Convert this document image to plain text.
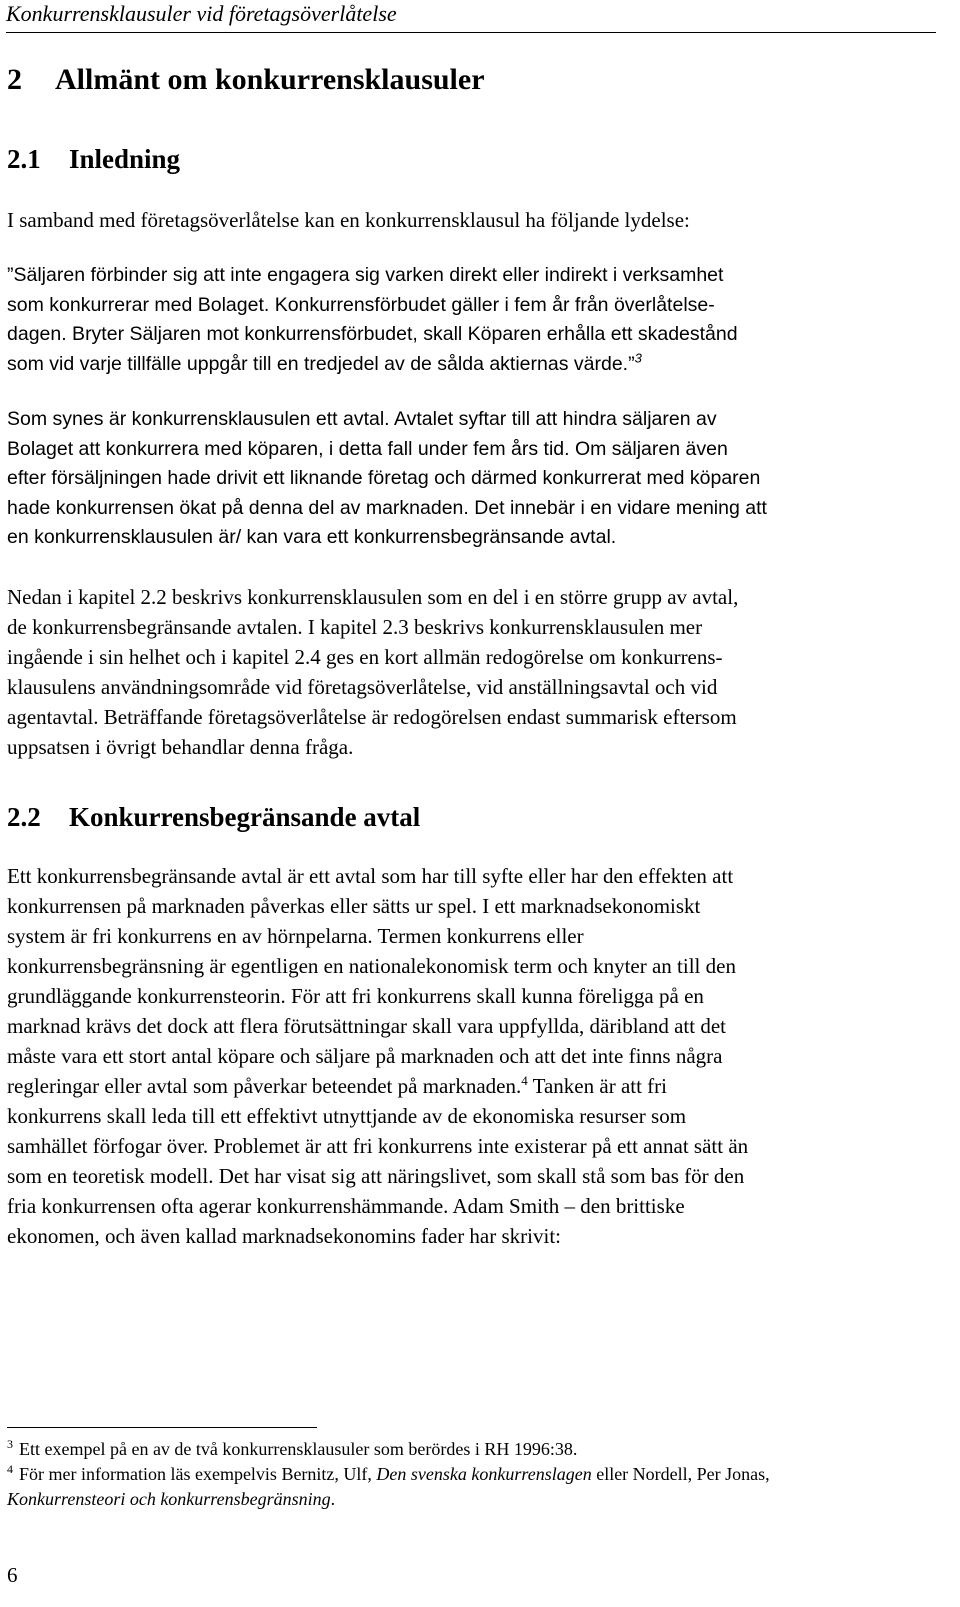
Konkurrensklausuler vid företagsöverlåtelse
2 Allmänt om konkurrensklausuler
2.1 Inledning
I samband med företagsöverlåtelse kan en konkurrensklausul ha följande lydelse:
”Säljaren förbinder sig att inte engagera sig varken direkt eller indirekt i verksamhet
som konkurrerar med Bolaget. Konkurrensförbudet gäller i fem år från överlåtelse-
dagen. Bryter Säljaren mot konkurrensförbudet, skall Köparen erhålla ett skadestånd
som vid varje tillfälle uppgår till en tredjedel av de sålda aktiernas värde.”$^3$
Som synes är konkurrensklausulen ett avtal. Avtalet syftar till att hindra säljaren av
Bolaget att konkurrera med köparen, i detta fall under fem års tid. Om säljaren även
efter försäljningen hade drivit ett liknande företag och därmed konkurrerat med köparen
hade konkurrensen ökat på denna del av marknaden. Det innebär i en vidare mening att
en konkurrensklausulen är/ kan vara ett konkurrensbegränsande avtal.
Nedan i kapitel 2.2 beskrivs konkurrensklausulen som en del i en större grupp av avtal,
de konkurrensbegränsande avtalen. I kapitel 2.3 beskrivs konkurrensklausulen mer
ingående i sin helhet och i kapitel 2.4 ges en kort allmän redogörelse om konkurrens-
klausulens användningsområde vid företagsöverlåtelse, vid anställningsavtal och vid
agentavtal. Beträffande företagsöverlåtelse är redogörelsen endast summarisk eftersom
uppsatsen i övrigt behandlar denna fråga.
2.2 Konkurrensbegränsande avtal
Ett konkurrensbegränsande avtal är ett avtal som har till syfte eller har den effekten att
konkurrensen på marknaden påverkas eller sätts ur spel. I ett marknadsekonomiskt
system är fri konkurrens en av hörnpelarna. Termen konkurrens eller
konkurrensbegränsning är egentligen en nationalekonomisk term och knyter an till den
grundläggande konkurrensteorin. För att fri konkurrens skall kunna föreligga på en
marknad krävs det dock att flera förutsättningar skall vara uppfyllda, däribland att det
måste vara ett stort antal köpare och säljare på marknaden och att det inte finns några
regleringar eller avtal som påverkar beteendet på marknaden.$^4$ Tanken är att fri
konkurrens skall leda till ett effektivt utnyttjande av de ekonomiska resurser som
samhället förfogar över. Problemet är att fri konkurrens inte existerar på ett annat sätt än
som en teoretisk modell. Det har visat sig att näringslivet, som skall stå som bas för den
fria konkurrensen ofta agerar konkurrenshämmande. Adam Smith – den brittiske
ekonomen, och även kallad marknadsekonomins fader har skrivit:
$^3$ Ett exempel på en av de två konkurrensklausuler som berördes i RH 1996:38.
$^4$ För mer information läs exempelvis Bernitz, Ulf, Den svenska konkurrenslagen eller Nordell, Per Jonas,
Konkurrensteori och konkurrensbegränsning.
6
